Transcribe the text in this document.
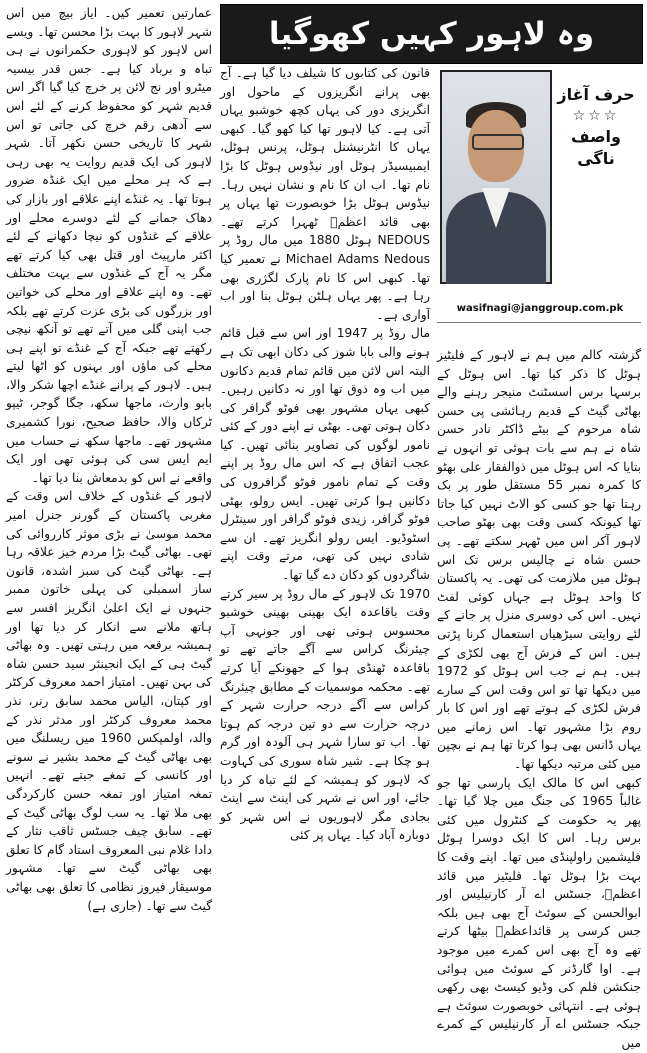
وہ لاہور کہیں کھوگیا
حرف آغاز
☆☆☆
واصف ناگی
wasifnagi@janggroup.com.pk

گزشتہ کالم میں ہم نے لاہور کے فلیٹیز ہوٹل کا ذکر کیا تھا۔ اس ہوٹل کے برسہا برس اسسٹنٹ منیجر رہنے والے بھاٹی گیٹ کے قدیم رہائشی پی حسن شاہ مرحوم کے بیٹے ڈاکٹر نادر حسن شاہ نے ہم سے بات ہوئی تو انہوں نے بتایا کہ اس ہوٹل میں ذوالفقار علی بھٹو کا کمرہ نمبر 55 مستقل طور پر بک رہتا تھا جو کسی کو الاٹ نہیں کیا جاتا تھا کیونکہ کسی وقت بھی بھٹو صاحب لاہور آکر اس میں ٹھہر سکتے تھے۔ پی حسن شاہ نے چالیس برس تک اس ہوٹل میں ملازمت کی تھی۔ یہ پاکستان کا واحد ہوٹل ہے جہاں کوئی لفٹ نہیں۔ اس کی دوسری منزل پر جانے کے لئے روایتی سیڑھیاں استعمال کرنا پڑتی ہیں۔ اس کے فرش آج بھی لکڑی کے ہیں۔ ہم نے جب اس ہوٹل کو 1972 میں دیکھا تھا تو اس وقت اس کے سارے فرش لکڑی کے ہوتے تھے اور اس کا بار روم بڑا مشہور تھا۔ اس زمانے میں یہاں ڈانس بھی ہوا کرتا تھا ہم نے بچپن میں کئی مرتبہ دیکھا تھا۔

کبھی اس کا مالک ایک پارسی تھا جو غالباً 1965 کی جنگ میں چلا گیا تھا۔ پھر یہ حکومت کے کنٹرول میں کئی برس رہا۔ اس کا ایک دوسرا ہوٹل فلیشمین راولپنڈی میں تھا۔ اپنے وقت کا بہت بڑا ہوٹل تھا۔ فلیٹیز میں قائد اعظمؒ، جسٹس اے آر کارنیلیس اور ابوالحسن کے سوئٹ آج بھی ہیں بلکہ جس کرسی پر قائداعظمؒ بیٹھا کرتے تھے وہ آج بھی اس کمرے میں موجود ہے۔ اوا گارڈنر کے سوئٹ میں ہوائی جنکشن فلم کی وڈیو کیسٹ بھی رکھی ہوئی ہے۔ انتہائی خوبصورت سوئٹ ہے جبکہ جسٹس اے آر کارنیلیس کے کمرے میں

قانون کی کتابوں کا شیلف دیا گیا ہے۔ آج بھی پرانے انگریزوں کے ماحول اور انگریزی دور کی یہاں کچھ خوشبو یہاں آتی ہے۔ کیا لاہور تھا کیا کھو گیا۔ کبھی یہاں کا انٹرنیشنل ہوٹل، پرنس ہوٹل، ایمبیسیڈر ہوٹل اور نیڈوس ہوٹل کا بڑا نام تھا۔ اب ان کا نام و نشان نہیں رہا۔ نیڈوس ہوٹل بڑا خوبصورت تھا یہاں پر بھی قائد اعظمؒ ٹھہرا کرتے تھے۔ NEDOUS ہوٹل 1880 میں مال روڈ پر Michael Adams Nedous نے تعمیر کیا تھا۔ کبھی اس کا نام پارک لگژری بھی رہا ہے۔ پھر یہاں ہلٹن ہوٹل بنا اور اب آواری ہے۔

مال روڈ پر 1947 اور اس سے قبل قائم ہونے والی بابا شوز کی دکان ابھی تک ہے البتہ اس لائن میں قائم تمام قدیم دکانوں میں اب وہ ذوق تھا اور نہ دکانیں رہیں۔ کبھی یہاں مشہور بھی فوٹو گرافر کی دکان ہوتی تھی۔ بھٹی نے اپنے دور کے کئی نامور لوگوں کی تصاویر بنائی تھیں۔ کیا عجب اتفاق ہے کہ اس مال روڈ پر اپنے وقت کے تمام نامور فوٹو گرافروں کی دکانیں ہوا کرتی تھیں۔ ایس رولو، بھٹی فوٹو گرافر، زیدی فوٹو گرافر اور سینٹرل اسٹوڈیو۔ ایس رولو انگریز تھے۔ ان سے شادی نہیں کی تھی، مرتے وقت اپنے شاگردوں کو دکان دے گیا تھا۔

1970 تک لاہور کے مال روڈ پر سیر کرتے وقت باقاعدہ ایک بھینی بھینی خوشبو محسوس ہوتی تھی اور جونہی آپ چیئرنگ کراس سے آگے جاتے تھے تو باقاعدہ ٹھنڈی ہوا کے جھونکے آیا کرتے تھے۔ محکمہ موسمیات کے مطابق چیئرنگ کراس سے آگے درجہ حرارت شہر کے درجہ حرارت سے دو تین درجہ کم ہوتا تھا۔ اب تو سارا شہر ہی آلودہ اور گرم ہو چکا ہے۔ شیر شاہ سوری کی کہاوت کہ لاہور کو ہمیشہ کے لئے تباہ کر دیا جائے، اور اس نے شہر کی اینٹ سے اینٹ بجادی مگر لاہوریوں نے اس شہر کو دوبارہ آباد کیا۔ یہاں پر کئی

عمارتیں تعمیر کیں۔ ایاز بیچ میں اس شہر لاہور کا بہت بڑا محسن تھا۔ ویسے اس لاہور کو لاہوری حکمرانوں نے ہی تباہ و برباد کیا ہے۔ جس قدر بیسیہ میٹرو اور نج لائن پر خرچ کیا گیا اگر اس قدیم شہر کو محفوظ کرنے کے لئے اس سے آدھی رقم خرچ کی جاتی تو اس شہر کا تاریخی حسن نکھر آتا۔ شہر لاہور کی ایک قدیم روایت یہ بھی رہی ہے کہ ہر محلے میں ایک غنڈہ ضرور ہوتا تھا۔ یہ غنڈے اپنے علاقے اور بازار کی دھاک جمانے کے لئے دوسرے محلے اور علاقے کے غنڈوں کو نیچا دکھانے کے لئے اکثر مارپیٹ اور قتل بھی کیا کرتے تھے مگر یہ آج کے غنڈوں سے بہت مختلف تھے۔ وہ اپنے علاقے اور محلے کی خواتین اور بزرگوں کی بڑی عزت کرتے تھے بلکہ جب اپنی گلی میں آتے تھے تو آنکھ نیچی رکھتے تھے جبکہ آج کے غنڈے تو اپنے ہی محلے کی ماؤں اور بہنوں کو اٹھا لیتے ہیں۔ لاہور کے پرانے غنڈے اچھا شکر والا، بابو وارث، ماجھا سکھ، جگا گوجر، ٹیپو ٹرکاں والا، حافظ صحیح، نورا کشمیری مشہور تھے۔ ماجھا سکھ نے حساب میں ایم ایس سی کی ہوئی تھی اور ایک واقعے نے اس کو بدمعاش بنا دیا تھا۔

لاہور کے غنڈوں کے خلاف اس وقت کے مغربی پاکستان کے گورنر جنرل امیر محمد موسیٰ نے بڑی موثر کارروائی کی تھی۔ بھاٹی گیٹ بڑا مردم خیز علاقہ رہا ہے۔ بھاٹی گیٹ کی سبز اشدہ، قانون ساز اسمبلی کی پہلی خاتون ممبر جنہوں نے ایک اعلیٰ انگریز افسر سے ہاتھ ملانے سے انکار کر دیا تھا اور ہمیشہ برقعہ میں رہتی تھیں۔ وہ بھاٹی گیٹ ہی کے ایک انجینئر سید حسن شاہ کی بہن تھیں۔ امتیاز احمد معروف کرکٹر اور کپتان، الیاس محمد سابق رنر، نذر محمد معروف کرکٹر اور مدثر نذر کے والد، اولمپکس 1960 میں ریسلنگ میں بھی بھاٹی گیٹ کے محمد بشیر نے سونے اور کانسی کے تمغے جیتے تھے۔ انہیں تمغہ امتیاز اور تمغہ حسن کارکردگی بھی ملا تھا۔ یہ سب لوگ بھاٹی گیٹ کے تھے۔ سابق چیف جسٹس ثاقب نثار کے دادا غلام نبی المعروف استاد گام کا تعلق بھی بھاٹی گیٹ سے تھا۔ مشہور موسیقار فیروز نظامی کا تعلق بھی بھاٹی گیٹ سے تھا۔ (جاری ہے)
